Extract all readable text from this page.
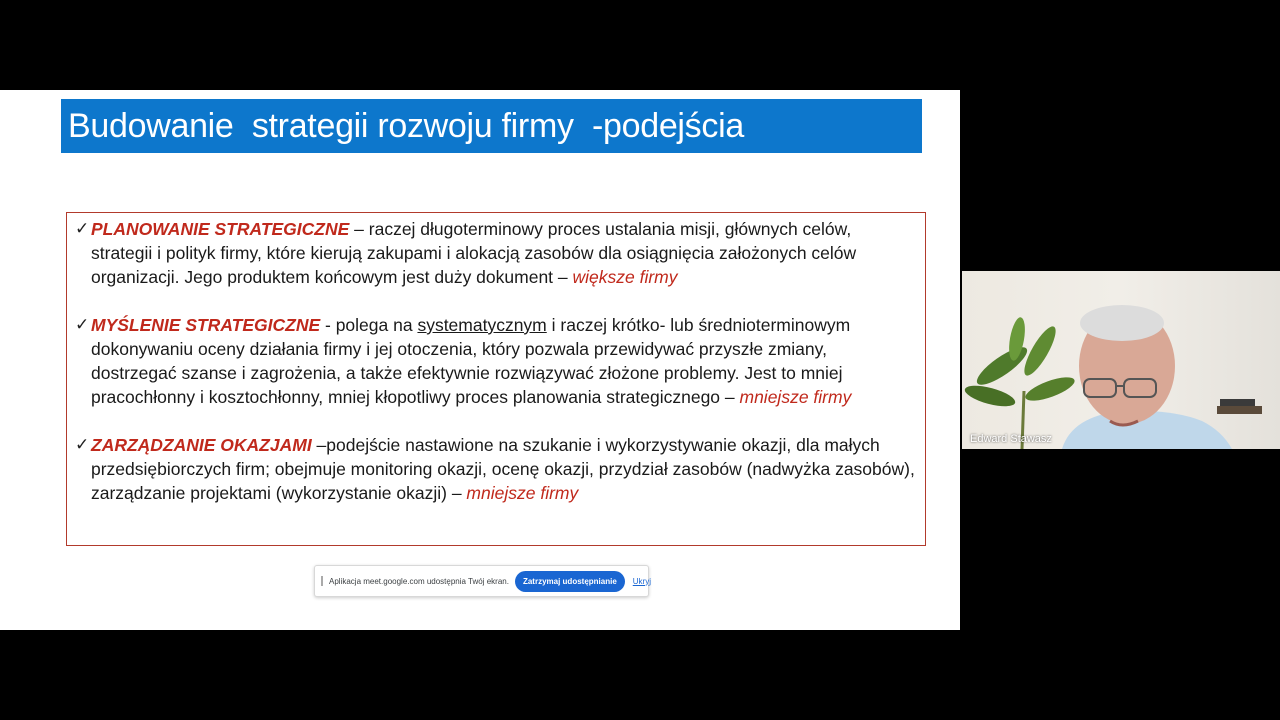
Budowanie  strategii rozwoju firmy  -podejścia
✓ PLANOWANIE STRATEGICZNE – raczej długoterminowy proces ustalania misji, głównych celów, strategii i polityk firmy, które kierują zakupami i alokacją zasobów dla osiągnięcia założonych celów organizacji. Jego produktem końcowym jest duży dokument – większe firmy
✓ MYŚLENIE STRATEGICZNE - polega na systematycznym i raczej krótko- lub średnioterminowym dokonywaniu oceny działania firmy i jej otoczenia, który pozwala przewidywać przyszłe zmiany, dostrzegać szanse i zagrożenia, a także efektywnie rozwiązywać złożone problemy. Jest to mniej pracochłonny i kosztochłonny, mniej kłopotliwy proces planowania strategicznego – mniejsze firmy
✓ ZARZĄDZANIE OKAZJAMI –podejście nastawione na szukanie i wykorzystywanie okazji, dla małych przedsiębiorczych firm; obejmuje monitoring okazji, ocenę okazji, przydział zasobów (nadwyżka zasobów), zarządzanie projektami (wykorzystanie okazji) – mniejsze firmy
Aplikacja meet.google.com udostępnia Twój ekran.	Zatrzymaj udostępnianie	Ukryj
Edward Stawasz
